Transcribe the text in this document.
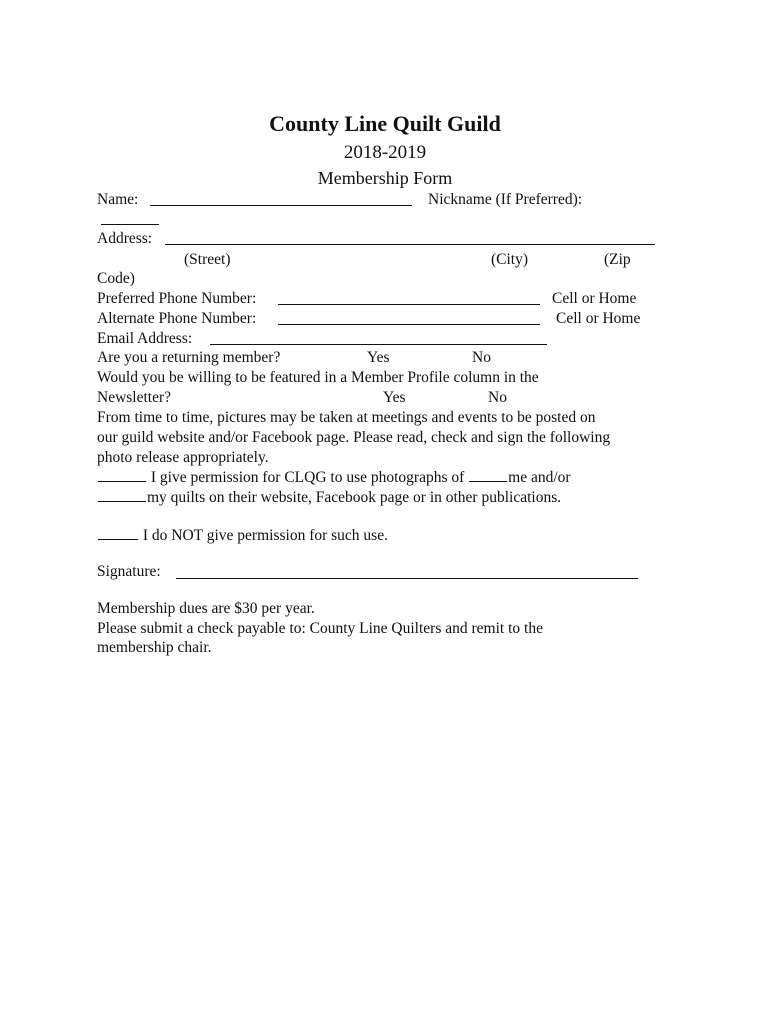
County Line Quilt Guild
2018-2019
Membership Form
Name:	Nickname (If Preferred):
Address:
(Street)	(City)	(Zip
Code)
Preferred Phone Number:	Cell or Home
Alternate Phone Number:	Cell or Home
Email Address:
Are you a returning member?	Yes	No
Would you be willing to be featured in a Member Profile column in the
Newsletter?	Yes	No
From time to time, pictures may be taken at meetings and events to be posted on
our guild website and/or Facebook page. Please read, check and sign the following
photo release appropriately.
I give permission for CLQG to use photographs of	me and/or
my quilts on their website, Facebook page or in other publications.
I do NOT give permission for such use.
Signature:
Membership dues are $30 per year.
Please submit a check payable to: County Line Quilters and remit to the
membership chair.
